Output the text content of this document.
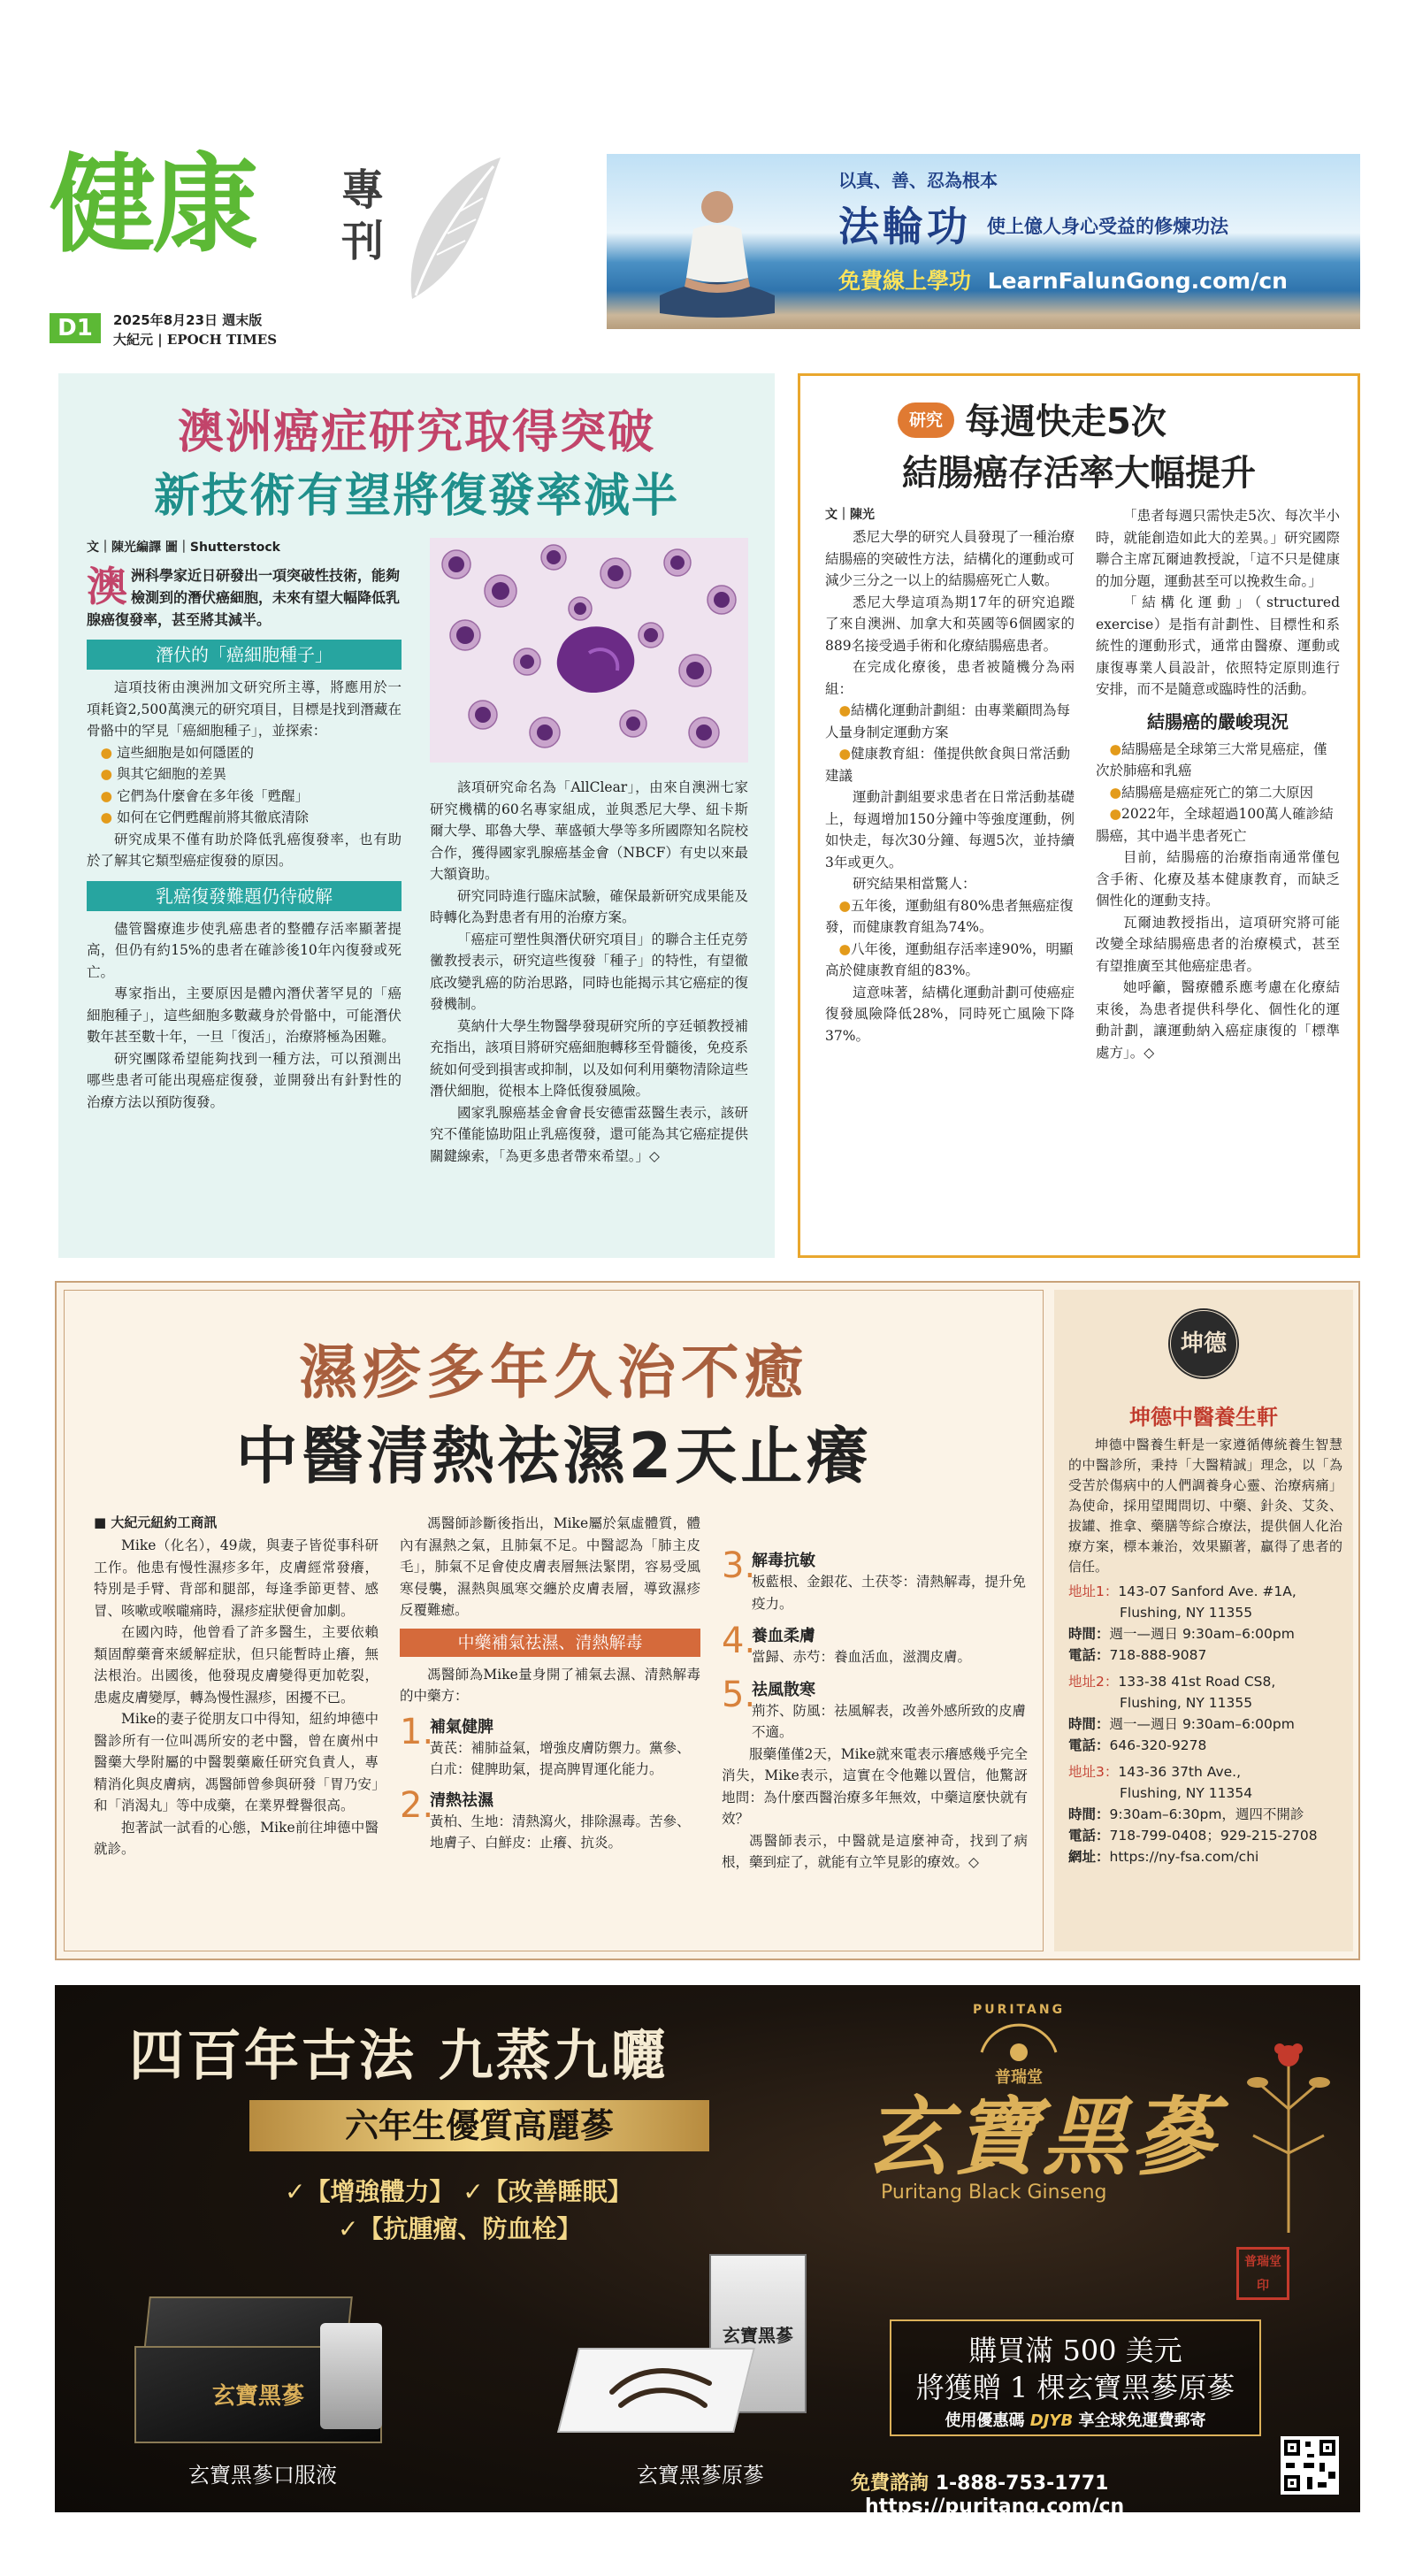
健康 專刊
D1	2025年8月23日 週末版
大紀元 | EPOCH TIMES
以真、善、忍為根本
法輪功 使上億人身心受益的修煉功法
免費線上學功 LearnFalunGong.com/cn
澳洲癌症研究取得突破
新技術有望將復發率減半
文｜陳光編譯 圖｜Shutterstock
澳 洲科學家近日研發出一項突破性技術，能夠檢測到的潛伏癌細胞，未來有望大幅降低乳腺癌復發率，甚至將其減半。
潛伏的「癌細胞種子」

這項技術由澳洲加文研究所主導，將應用於一項耗資2,500萬澳元的研究項目，目標是找到潛藏在骨骼中的罕見「癌細胞種子」，並探索：

● 這些細胞是如何隱匿的

● 與其它細胞的差異

● 它們為什麼會在多年後「甦醒」

● 如何在它們甦醒前將其徹底清除

研究成果不僅有助於降低乳癌復發率，也有助於了解其它類型癌症復發的原因。

乳癌復發難題仍待破解

儘管醫療進步使乳癌患者的整體存活率顯著提高，但仍有約15%的患者在確診後10年內復發或死亡。

專家指出，主要原因是體內潛伏著罕見的「癌細胞種子」，這些細胞多數藏身於骨骼中，可能潛伏數年甚至數十年，一旦「復活」，治療將極為困難。

研究團隊希望能夠找到一種方法，可以預測出哪些患者可能出現癌症復發，並開發出有針對性的治療方法以預防復發。

該項研究命名為「AllClear」，由來自澳洲七家研究機構的60名專家組成，並與悉尼大學、紐卡斯爾大學、耶魯大學、華盛頓大學等多所國際知名院校合作，獲得國家乳腺癌基金會（NBCF）有史以來最大額資助。

研究同時進行臨床試驗，確保最新研究成果能及時轉化為對患者有用的治療方案。

「癌症可塑性與潛伏研究項目」的聯合主任克勞黴教授表示，研究這些復發「種子」的特性，有望徹底改變乳癌的防治思路，同時也能揭示其它癌症的復發機制。

莫納什大學生物醫學發現研究所的亨廷頓教授補充指出，該項目將研究癌細胞轉移至骨髓後，免疫系統如何受到損害或抑制，以及如何利用藥物清除這些潛伏細胞，從根本上降低復發風險。

國家乳腺癌基金會會長安德雷茲醫生表示，該研究不僅能協助阻止乳癌復發，還可能為其它癌症提供關鍵線索，「為更多患者帶來希望。」◇

研究 每週快走5次
結腸癌存活率大幅提升
文｜陳光

悉尼大學的研究人員發現了一種治療結腸癌的突破性方法，結構化的運動或可減少三分之一以上的結腸癌死亡人數。

悉尼大學這項為期17年的研究追蹤了來自澳洲、加拿大和英國等6個國家的889名接受過手術和化療結腸癌患者。

在完成化療後，患者被隨機分為兩組：

●結構化運動計劃組：由專業顧問為每人量身制定運動方案

●健康教育組：僅提供飲食與日常活動建議

運動計劃組要求患者在日常活動基礎上，每週增加150分鐘中等強度運動，例如快走，每次30分鐘、每週5次，並持續3年或更久。

研究結果相當驚人：

●五年後，運動組有80%患者無癌症復發，而健康教育組為74%。

●八年後，運動組存活率達90%，明顯高於健康教育組的83%。

這意味著，結構化運動計劃可使癌症復發風險降低28%，同時死亡風險下降37%。

「患者每週只需快走5次、每次半小時，就能創造如此大的差異。」研究國際聯合主席瓦爾迪教授說，「這不只是健康的加分題，運動甚至可以挽救生命。」

「結構化運動」（structured exercise）是指有計劃性、目標性和系統性的運動形式，通常由醫療、運動或康復專業人員設計，依照特定原則進行安排，而不是隨意或臨時性的活動。

結腸癌的嚴峻現況

●結腸癌是全球第三大常見癌症，僅次於肺癌和乳癌

●結腸癌是癌症死亡的第二大原因

●2022年，全球超過100萬人確診結腸癌，其中過半患者死亡

目前，結腸癌的治療指南通常僅包含手術、化療及基本健康教育，而缺乏個性化的運動支持。

瓦爾迪教授指出，這項研究將可能改變全球結腸癌患者的治療模式，甚至有望推廣至其他癌症患者。

她呼籲，醫療體系應考慮在化療結束後，為患者提供科學化、個性化的運動計劃，讓運動納入癌症康復的「標準處方」。◇

濕疹多年久治不癒
中醫清熱祛濕2天止癢
■ 大紀元紐約工商訊

Mike（化名），49歲，與妻子皆從事科研工作。他患有慢性濕疹多年，皮膚經常發癢，特別是手臂、背部和腿部，每逢季節更替、感冒、咳嗽或喉嚨痛時，濕疹症狀便會加劇。

在國內時，他曾看了許多醫生，主要依賴類固醇藥膏來緩解症狀，但只能暫時止癢，無法根治。出國後，他發現皮膚變得更加乾裂，患處皮膚變厚，轉為慢性濕疹，困擾不已。

Mike的妻子從朋友口中得知，紐約坤德中醫診所有一位叫馮所安的老中醫，曾在廣州中醫藥大學附屬的中醫製藥廠任研究負責人，專精消化與皮膚病，馮醫師曾參與研發「胃乃安」和「消渴丸」等中成藥，在業界聲譽很高。

抱著試一試看的心態，Mike前往坤德中醫就診。

馮醫師診斷後指出，Mike屬於氣虛體質，體內有濕熱之氣，且肺氣不足。中醫認為「肺主皮毛」，肺氣不足會使皮膚表層無法緊閉，容易受風寒侵襲，濕熱與風寒交纏於皮膚表層，導致濕疹反覆難癒。

中藥補氣祛濕、清熱解毒

馮醫師為Mike量身開了補氣去濕、清熱解毒的中藥方：

1.
補氣健脾

黃芪：補肺益氣，增強皮膚防禦力。黨參、白朮：健脾助氣，提高脾胃運化能力。

2.
清熱祛濕

黃柏、生地：清熱瀉火，排除濕毒。苦參、地膚子、白鮮皮：止癢、抗炎。

3.
解毒抗敏

板藍根、金銀花、土茯苓：清熱解毒，提升免疫力。

4.
養血柔膚

當歸、赤芍：養血活血，滋潤皮膚。

5.
祛風散寒

荊芥、防風：祛風解表，改善外感所致的皮膚不適。

服藥僅僅2天，Mike就來電表示癢感幾乎完全消失，Mike表示，這實在令他難以置信，他驚訝地問：為什麼西醫治療多年無效，中藥這麼快就有效？

馮醫師表示，中醫就是這麼神奇，找到了病根，藥到症了，就能有立竿見影的療效。◇

坤德
坤德中醫養生軒

坤德中醫養生軒是一家遵循傳統養生智慧的中醫診所，秉持「大醫精誠」理念，以「為受苦於傷病中的人們調養身心靈、治療病痛」為使命，採用望聞問切、中藥、針灸、艾灸、拔罐、推拿、藥膳等綜合療法，提供個人化治療方案，標本兼治，效果顯著，贏得了患者的信任。

地址1：143-07 Sanford Ave. #1A,
Flushing, NY 11355
時間：週一—週日 9:30am–6:00pm
電話：718-888-9087
地址2：133-38 41st Road CS8,
Flushing, NY 11355
時間：週一—週日 9:30am–6:00pm
電話：646-320-9278
地址3：143-36 37th Ave.,
Flushing, NY 11354
時間：9:30am–6:30pm，週四不開診
電話：718-799-0408；929-215-2708
網址：https://ny-fsa.com/chi
四百年古法 九蒸九曬
六年生優質高麗蔘
✓【增強體力】 ✓【改善睡眠】
✓【抗腫瘤、防血栓】
玄寶黑蔘
玄寶黑蔘口服液
玄寶黑蔘
玄寶黑蔘原蔘
PURITANG
普瑞堂
玄寶黑蔘
Puritang Black Ginseng
普瑞堂印
購買滿 500 美元
將獲贈 1 棵玄寶黑蔘原蔘
使用優惠碼 DJYB 享全球免運費郵寄
免費諮詢 1-888-753-1771 https://puritang.com/cn
